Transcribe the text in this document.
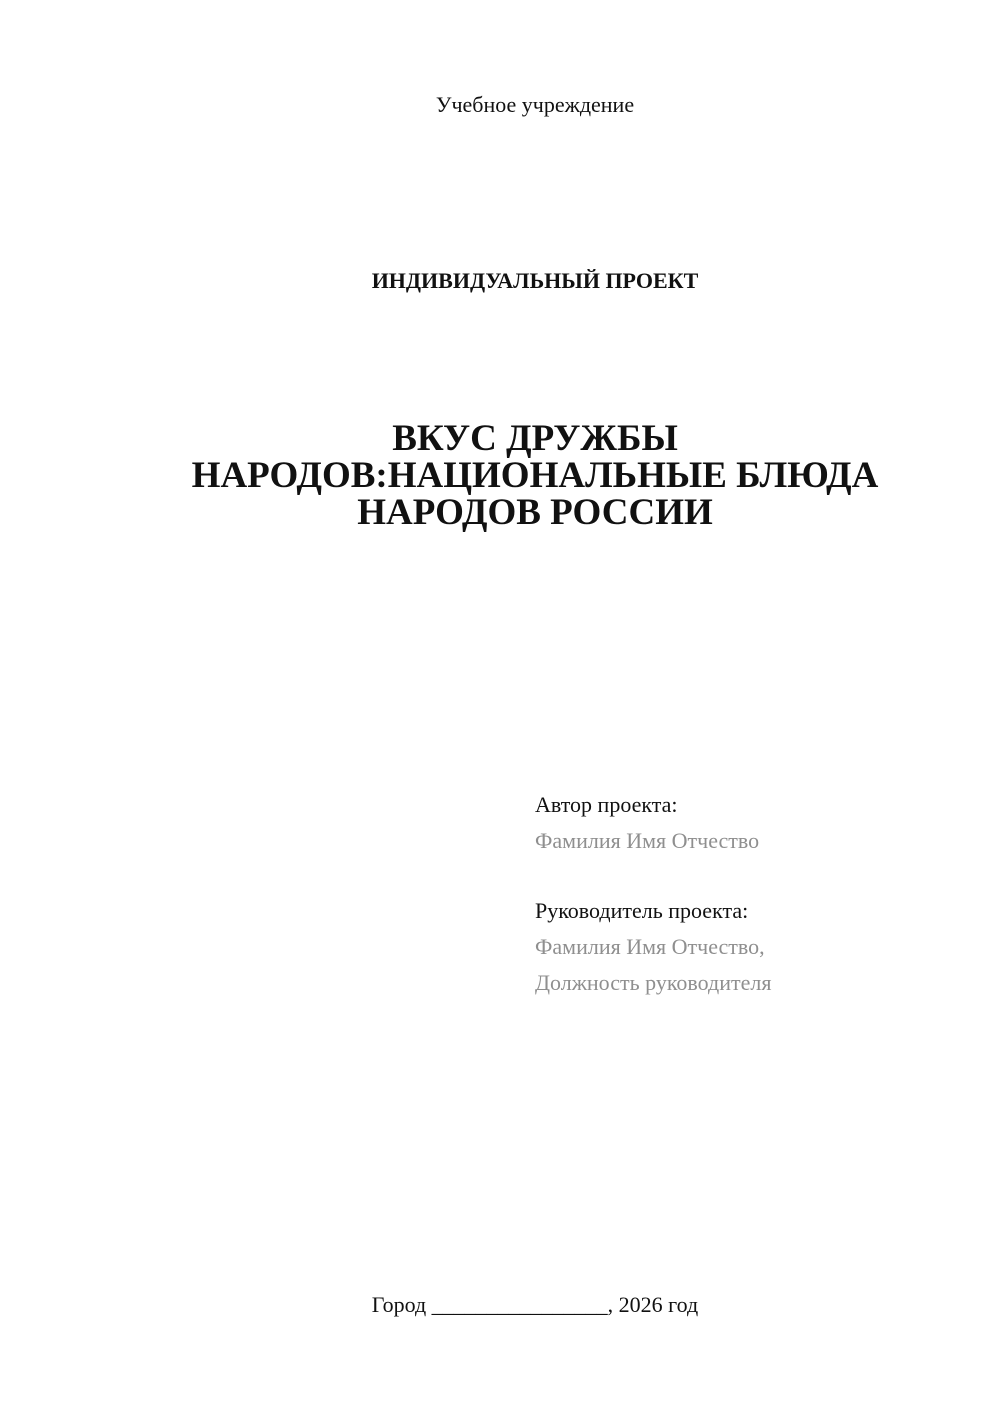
Учебное учреждение
ИНДИВИДУАЛЬНЫЙ ПРОЕКТ
ВКУС ДРУЖБЫ
НАРОДОВ:НАЦИОНАЛЬНЫЕ БЛЮДА
НАРОДОВ РОССИИ
Автор проекта:
Фамилия Имя Отчество
Руководитель проекта:
Фамилия Имя Отчество,
Должность руководителя
Город ________________, 2026 год
